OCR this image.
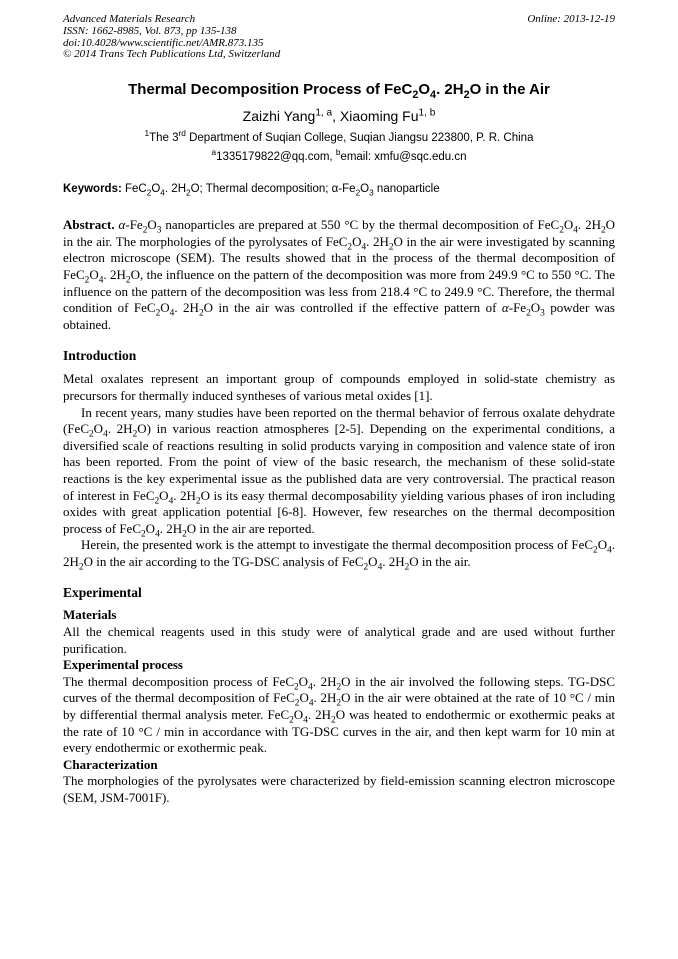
Advanced Materials Research
ISSN: 1662-8985, Vol. 873, pp 135-138
doi:10.4028/www.scientific.net/AMR.873.135
© 2014 Trans Tech Publications Ltd, Switzerland
Online: 2013-12-19
Thermal Decomposition Process of $FeC_2O_4$. $2H_2O$ in the Air
Zaizhi Yang$^{1, a}$, Xiaoming Fu$^{1, b}$
$^1$The 3rd Department of Suqian College, Suqian Jiangsu 223800, P. R. China
$^a$1335179822@qq.com, $^b$email: xmfu@sqc.edu.cn
Keywords: $FeC_2O_4$. $2H_2O$; Thermal decomposition; $\alpha-Fe_2O_3$ nanoparticle

Abstract. $\alpha-Fe_2O_3$ nanoparticles are prepared at 550 °C by the thermal decomposition of $FeC_2O_4$. $2H_2O$ in the air. The morphologies of the pyrolysates of $FeC_2O_4$. $2H_2O$ in the air were investigated by scanning electron microscope (SEM). The results showed that in the process of the thermal decomposition of $FeC_2O_4$. $2H_2O$, the influence on the pattern of the decomposition was more from 249.9 °C to 550 °C. The influence on the pattern of the decomposition was less from 218.4 °C to 249.9 °C. Therefore, the thermal condition of $FeC_2O_4$. $2H_2O$ in the air was controlled if the effective pattern of $\alpha-Fe_2O_3$ powder was obtained.

Introduction

Metal oxalates represent an important group of compounds employed in solid-state chemistry as precursors for thermally induced syntheses of various metal oxides [1].

In recent years, many studies have been reported on the thermal behavior of ferrous oxalate dehydrate ($FeC_2O_4$. $2H_2O$) in various reaction atmospheres [2-5]. Depending on the experimental conditions, a diversified scale of reactions resulting in solid products varying in composition and valence state of iron has been reported. From the point of view of the basic research, the mechanism of these solid-state reactions is the key experimental issue as the published data are very controversial. The practical reason of interest in $FeC_2O_4$. $2H_2O$ is its easy thermal decomposability yielding various phases of iron including oxides with great application potential [6-8]. However, few researches on the thermal decomposition process of $FeC_2O_4$. $2H_2O$ in the air are reported.

Herein, the presented work is the attempt to investigate the thermal decomposition process of $FeC_2O_4$. $2H_2O$ in the air according to the TG-DSC analysis of $FeC_2O_4$. $2H_2O$ in the air.

Experimental
Materials

All the chemical reagents used in this study were of analytical grade and are used without further purification.

Experimental process

The thermal decomposition process of $FeC_2O_4$. $2H_2O$ in the air involved the following steps. TG-DSC curves of the thermal decomposition of $FeC_2O_4$. $2H_2O$ in the air were obtained at the rate of 10 °C / min by differential thermal analysis meter. $FeC_2O_4$. $2H_2O$ was heated to endothermic or exothermic peaks at the rate of 10 °C / min in accordance with TG-DSC curves in the air, and then kept warm for 10 min at every endothermic or exothermic peak.

Characterization

The morphologies of the pyrolysates were characterized by field-emission scanning electron microscope (SEM, JSM-7001F).
